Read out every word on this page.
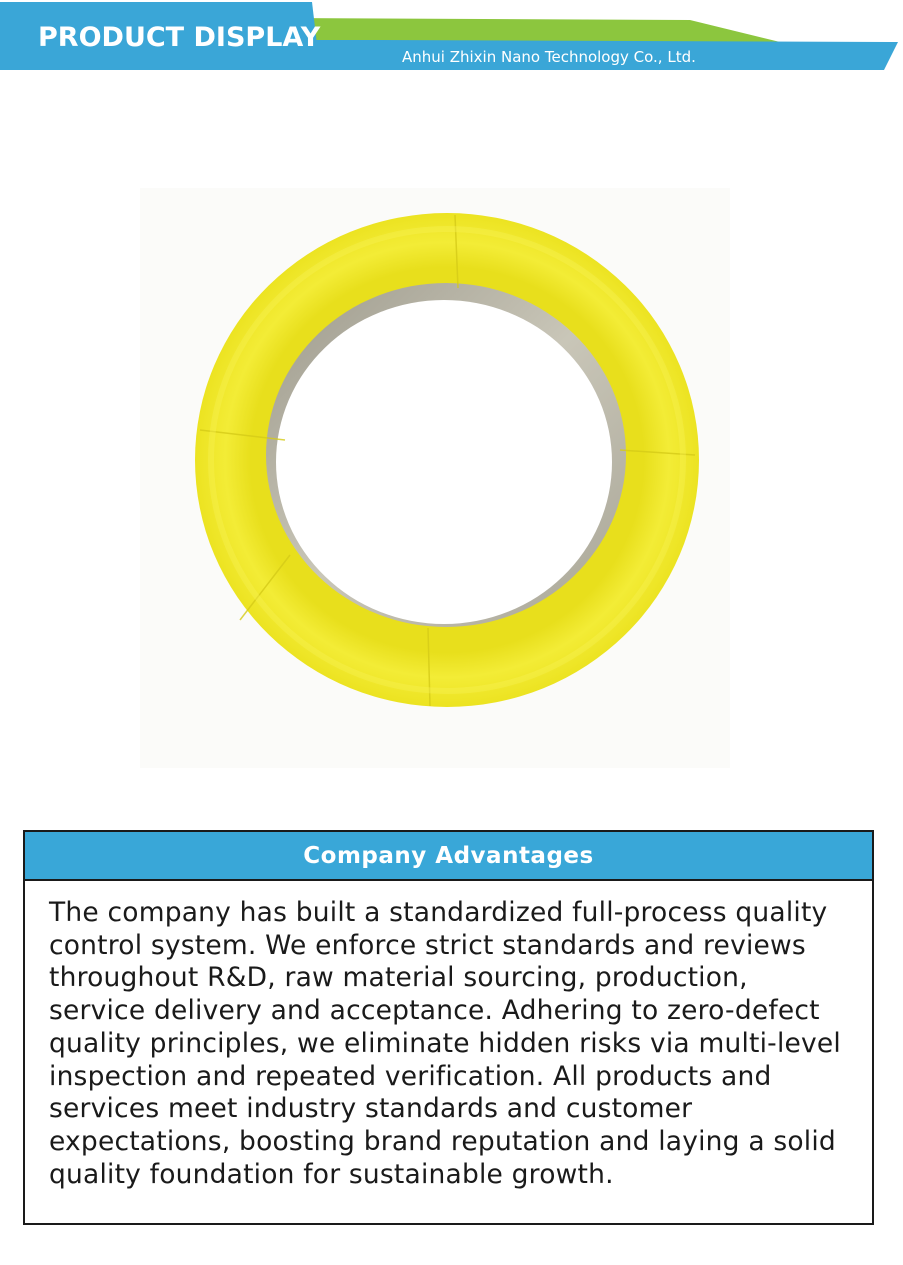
PRODUCT DISPLAY
Anhui Zhixin Nano Technology Co., Ltd.
Company Advantages
The company has built a standardized full-process quality control system. We enforce strict standards and reviews throughout R&D, raw material sourcing, production, service delivery and acceptance. Adhering to zero-defect quality principles, we eliminate hidden risks via multi-level inspection and repeated verification. All products and services meet industry standards and customer expectations, boosting brand reputation and laying a solid quality foundation for sustainable growth.
